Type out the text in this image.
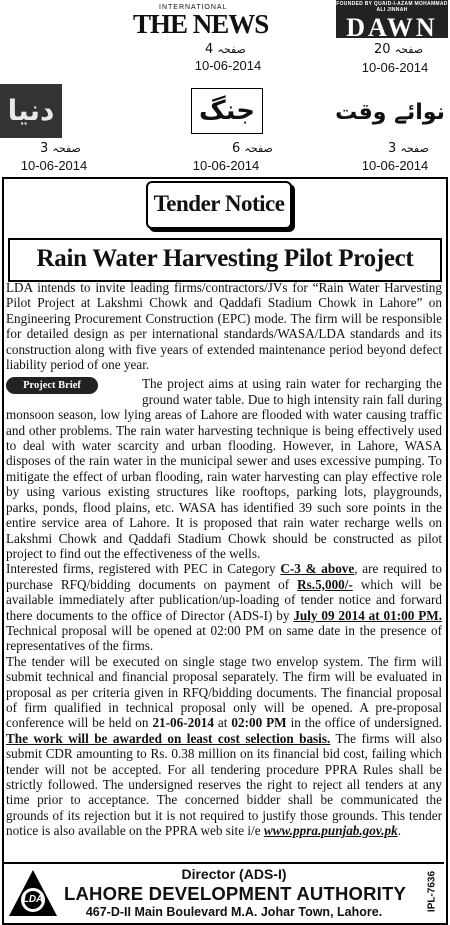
INTERNATIONAL
THE NEWS
4 صفحہ
10-06-2014
FOUNDED BY QUAID-I-AZAM MOHAMMAD ALI JINNAH
DAWN
20 صفحہ
10-06-2014
دنیا
3 صفحہ
10-06-2014
جنگ
6 صفحہ
10-06-2014
نوائے وقت
3 صفحہ
10-06-2014
Tender Notice
Rain Water Harvesting Pilot Project

LDA intends to invite leading firms/contractors/JVs for “Rain Water Harvesting Pilot Project at Lakshmi Chowk and Qaddafi Stadium Chowk in Lahore” on Engineering Procurement Construction (EPC) mode. The firm will be responsible for detailed design as per international standards/WASA/LDA standards and its construction along with five years of extended maintenance period beyond defect liability period of one year.

Project Brief	The project aims at using rain water for recharging the ground water table. Due to high intensity rain fall during monsoon season, low lying areas of Lahore are flooded with water causing traffic and other problems. The rain water harvesting technique is being effectively used to deal with water scarcity and urban flooding. However, in Lahore, WASA disposes of the rain water in the municipal sewer and uses excessive pumping. To mitigate the effect of urban flooding, rain water harvesting can play effective role by using various existing structures like rooftops, parking lots, playgrounds, parks, ponds, flood plains, etc. WASA has identified 39 such sore points in the entire service area of Lahore. It is proposed that rain water recharge wells on Lakshmi Chowk and Qaddafi Stadium Chowk should be constructed as pilot project to find out the effectiveness of the wells.

Interested firms, registered with PEC in Category C-3 & above, are required to purchase RFQ/bidding documents on payment of Rs.5,000/- which will be available immediately after publication/up-loading of tender notice and forward there documents to the office of Director (ADS-I) by July 09 2014 at 01:00 PM. Technical proposal will be opened at 02:00 PM on same date in the presence of representatives of the firms.

The tender will be executed on single stage two envelop system. The firm will submit technical and financial proposal separately. The firm will be evaluated in proposal as per criteria given in RFQ/bidding documents. The financial proposal of firm qualified in technical proposal only will be opened. A pre-proposal conference will be held on 21-06-2014 at 02:00 PM in the office of undersigned. The work will be awarded on least cost selection basis. The firms will also submit CDR amounting to Rs. 0.38 million on its financial bid cost, failing which tender will not be accepted. For all tendering procedure PPRA Rules shall be strictly followed. The undersigned reserves the right to reject all tenders at any time prior to acceptance. The concerned bidder shall be communicated the grounds of its rejection but it is not required to justify those grounds. This tender notice is also available on the PPRA web site i/e www.ppra.punjab.gov.pk.

LDA
Director (ADS-I)
LAHORE DEVELOPMENT AUTHORITY
467-D-II Main Boulevard M.A. Johar Town, Lahore.	IPL-7636
